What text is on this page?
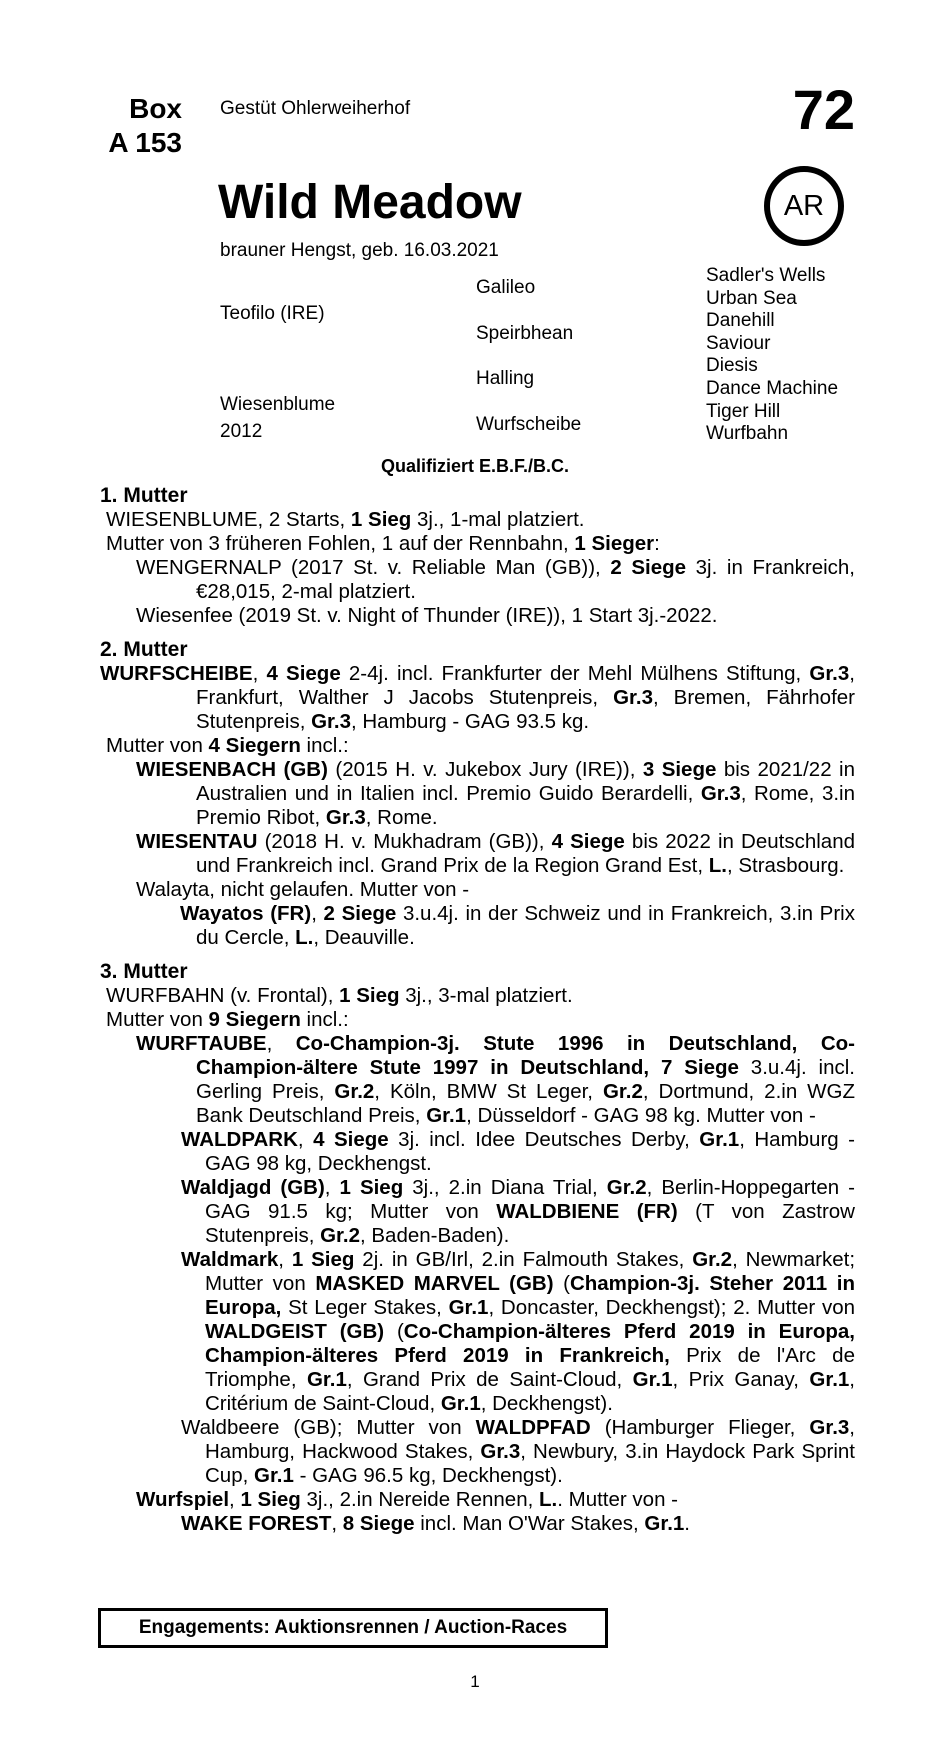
Box
A 153
Gestüt Ohlerweiherhof	72
AR
Wild Meadow
brauner Hengst, geb. 16.03.2021
Teofilo (IRE)
Wiesenblume
2012
Galileo
Speirbhean
Halling
Wurfscheibe
Sadler's Wells
Urban Sea
Danehill
Saviour
Diesis
Dance Machine
Tiger Hill
Wurfbahn
Qualifiziert E.B.F./B.C.
1. Mutter
WIESENBLUME, 2 Starts, 1 Sieg 3j., 1-mal platziert.
Mutter von 3 früheren Fohlen, 1 auf der Rennbahn, 1 Sieger:
WENGERNALP (2017 St. v. Reliable Man (GB)), 2 Siege 3j. in Frankreich, €28,015, 2-mal platziert.
Wiesenfee (2019 St. v. Night of Thunder (IRE)), 1 Start 3j.-2022.
2. Mutter
WURFSCHEIBE, 4 Siege 2-4j. incl. Frankfurter der Mehl Mülhens Stiftung, Gr.3, Frankfurt, Walther J Jacobs Stutenpreis, Gr.3, Bremen, Fährhofer Stutenpreis, Gr.3, Hamburg - GAG 93.5 kg.
Mutter von 4 Siegern incl.:
WIESENBACH (GB) (2015 H. v. Jukebox Jury (IRE)), 3 Siege bis 2021/22 in Australien und in Italien incl. Premio Guido Berardelli, Gr.3, Rome, 3.in Premio Ribot, Gr.3, Rome.
WIESENTAU (2018 H. v. Mukhadram (GB)), 4 Siege bis 2022 in Deutschland und Frankreich incl. Grand Prix de la Region Grand Est, L., Strasbourg.
Walayta, nicht gelaufen. Mutter von -
Wayatos (FR), 2 Siege 3.u.4j. in der Schweiz und in Frankreich, 3.in Prix du Cercle, L., Deauville.
3. Mutter
WURFBAHN (v. Frontal), 1 Sieg 3j., 3-mal platziert.
Mutter von 9 Siegern incl.:
WURFTAUBE, Co-Champion-3j. Stute 1996 in Deutschland, Co-Champion-ältere Stute 1997 in Deutschland, 7 Siege 3.u.4j. incl. Gerling Preis, Gr.2, Köln, BMW St Leger, Gr.2, Dortmund, 2.in WGZ Bank Deutschland Preis, Gr.1, Düsseldorf - GAG 98 kg. Mutter von -
WALDPARK, 4 Siege 3j. incl. Idee Deutsches Derby, Gr.1, Hamburg - GAG 98 kg, Deckhengst.
Waldjagd (GB), 1 Sieg 3j., 2.in Diana Trial, Gr.2, Berlin-Hoppegarten - GAG 91.5 kg; Mutter von WALDBIENE (FR) (T von Zastrow Stutenpreis, Gr.2, Baden-Baden).
Waldmark, 1 Sieg 2j. in GB/Irl, 2.in Falmouth Stakes, Gr.2, Newmarket; Mutter von MASKED MARVEL (GB) (Champion-3j. Steher 2011 in Europa, St Leger Stakes, Gr.1, Doncaster, Deckhengst); 2. Mutter von WALDGEIST (GB) (Co-Champion-älteres Pferd 2019 in Europa, Champion-älteres Pferd 2019 in Frankreich, Prix de l'Arc de Triomphe, Gr.1, Grand Prix de Saint-Cloud, Gr.1, Prix Ganay, Gr.1, Critérium de Saint-Cloud, Gr.1, Deckhengst).
Waldbeere (GB); Mutter von WALDPFAD (Hamburger Flieger, Gr.3, Hamburg, Hackwood Stakes, Gr.3, Newbury, 3.in Haydock Park Sprint Cup, Gr.1 - GAG 96.5 kg, Deckhengst).
Wurfspiel, 1 Sieg 3j., 2.in Nereide Rennen, L.. Mutter von -
WAKE FOREST, 8 Siege incl. Man O'War Stakes, Gr.1.
Engagements: Auktionsrennen / Auction-Races
1
